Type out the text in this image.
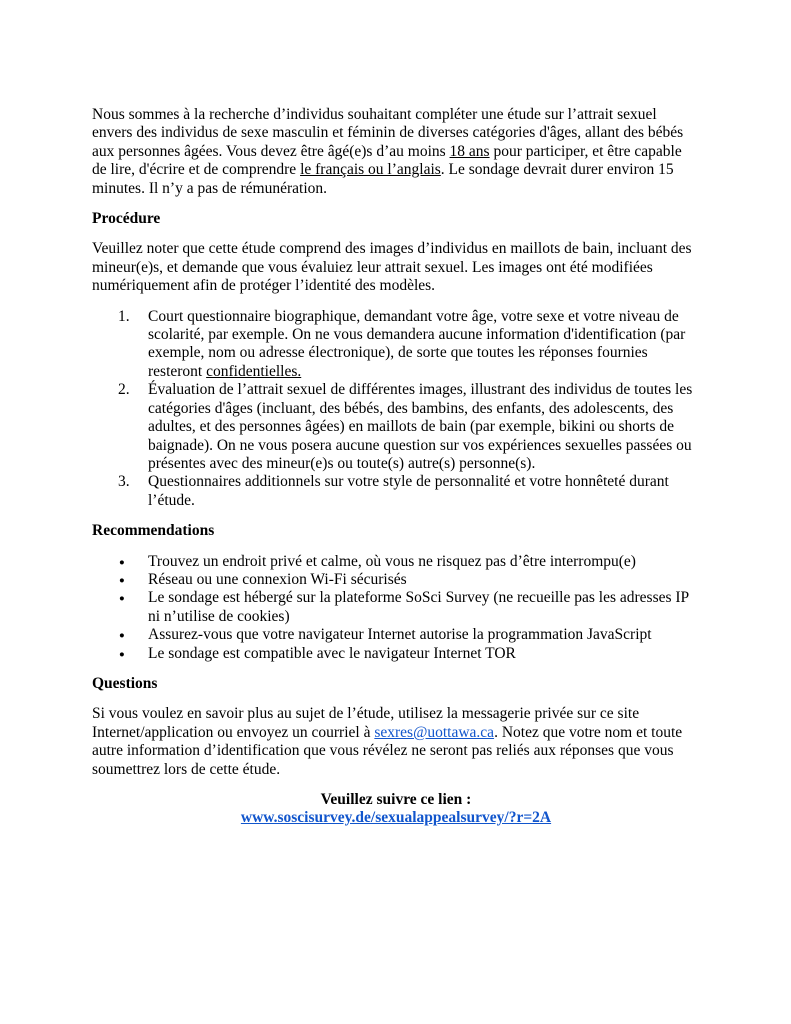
Nous sommes à la recherche d’individus souhaitant compléter une étude sur l’attrait sexuel envers des individus de sexe masculin et féminin de diverses catégories d'âges, allant des bébés aux personnes âgées. Vous devez être âgé(e)s d’au moins 18 ans pour participer, et être capable de lire, d'écrire et de comprendre le français ou l’anglais. Le sondage devrait durer environ 15 minutes. Il n’y a pas de rémunération.

Procédure

Veuillez noter que cette étude comprend des images d’individus en maillots de bain, incluant des mineur(e)s, et demande que vous évaluiez leur attrait sexuel. Les images ont été modifiées numériquement afin de protéger l’identité des modèles.

1. Court questionnaire biographique, demandant votre âge, votre sexe et votre niveau de scolarité, par exemple. On ne vous demandera aucune information d'identification (par exemple, nom ou adresse électronique), de sorte que toutes les réponses fournies resteront confidentielles.
2. Évaluation de l’attrait sexuel de différentes images, illustrant des individus de toutes les catégories d'âges (incluant, des bébés, des bambins, des enfants, des adolescents, des adultes, et des personnes âgées) en maillots de bain (par exemple, bikini ou shorts de baignade). On ne vous posera aucune question sur vos expériences sexuelles passées ou présentes avec des mineur(e)s ou toute(s) autre(s) personne(s).
3. Questionnaires additionnels sur votre style de personnalité et votre honnêteté durant l’étude.
Recommendations
● Trouvez un endroit privé et calme, où vous ne risquez pas d’être interrompu(e)
● Réseau ou une connexion Wi-Fi sécurisés
● Le sondage est hébergé sur la plateforme SoSci Survey (ne recueille pas les adresses IP ni n’utilise de cookies)
● Assurez-vous que votre navigateur Internet autorise la programmation JavaScript
● Le sondage est compatible avec le navigateur Internet TOR
Questions

Si vous voulez en savoir plus au sujet de l’étude, utilisez la messagerie privée sur ce site Internet/application ou envoyez un courriel à sexres@uottawa.ca. Notez que votre nom et toute autre information d’identification que vous révélez ne seront pas reliés aux réponses que vous soumettrez lors de cette étude.

Veuillez suivre ce lien :

www.soscisurvey.de/sexualappealsurvey/?r=2A
